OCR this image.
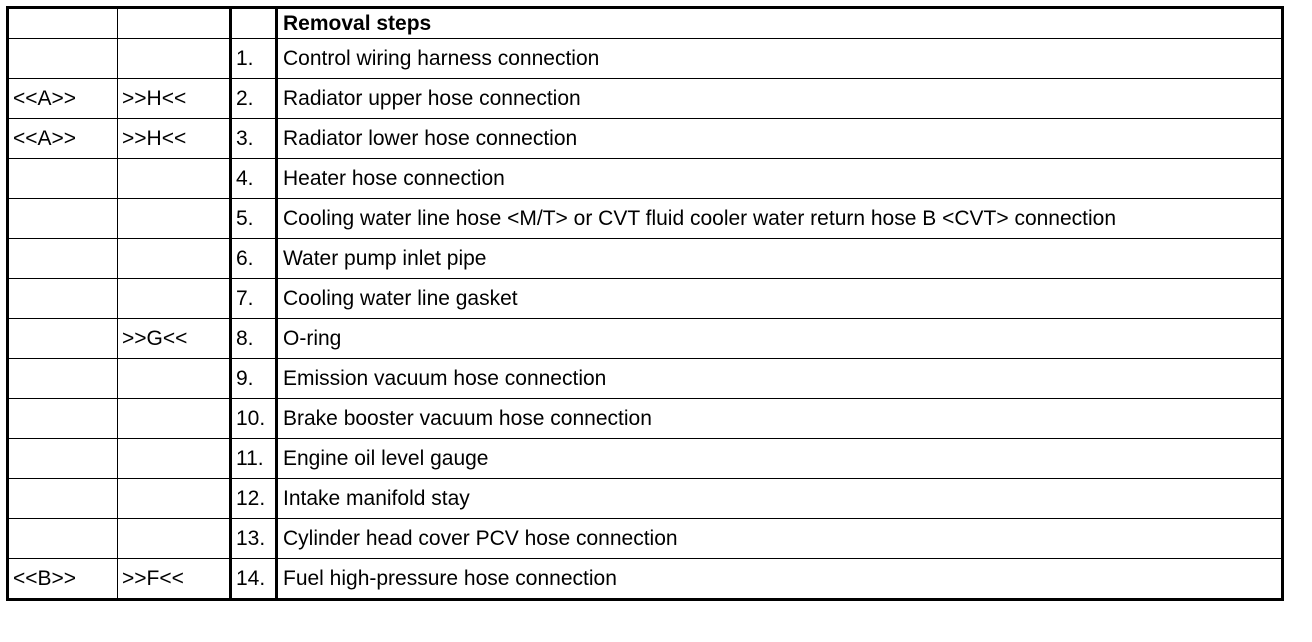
			Removal steps
		1.	Control wiring harness connection
<<A>>	>>H<<	2.	Radiator upper hose connection
<<A>>	>>H<<	3.	Radiator lower hose connection
		4.	Heater hose connection
		5.	Cooling water line hose <M/T> or CVT fluid cooler water return hose B <CVT> connection
		6.	Water pump inlet pipe
		7.	Cooling water line gasket
	>>G<<	8.	O-ring
		9.	Emission vacuum hose connection
		10.	Brake booster vacuum hose connection
		11.	Engine oil level gauge
		12.	Intake manifold stay
		13.	Cylinder head cover PCV hose connection
<<B>>	>>F<<	14.	Fuel high-pressure hose connection
